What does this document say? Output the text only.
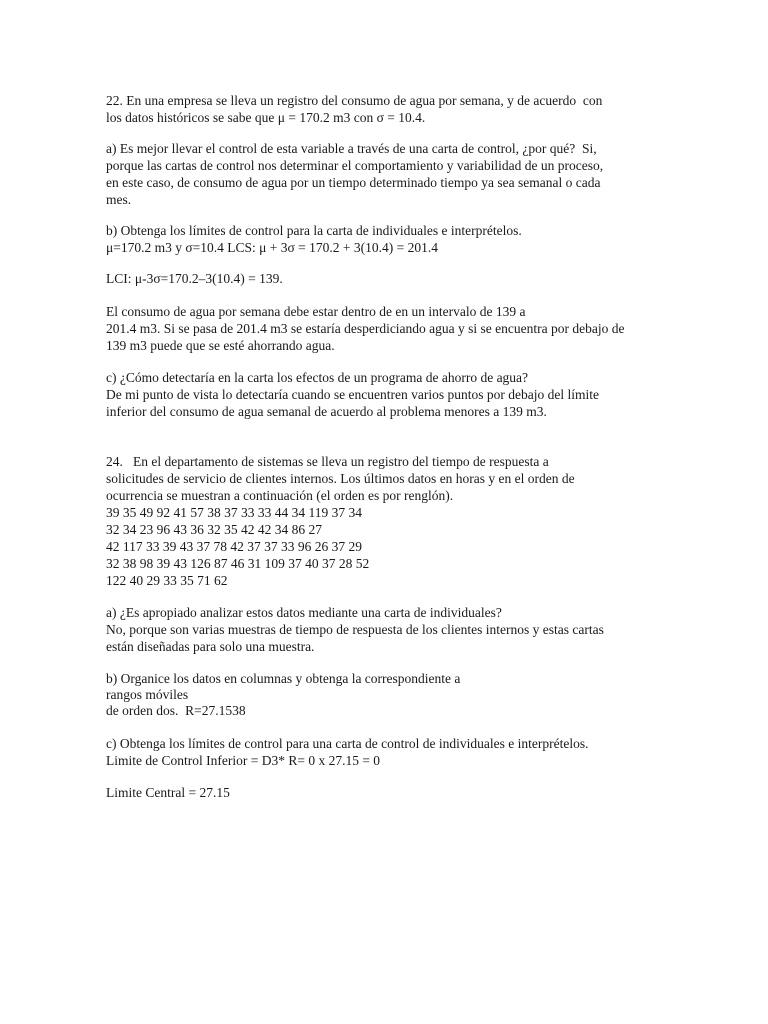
22. En una empresa se lleva un registro del consumo de agua por semana, y de acuerdo  con
los datos históricos se sabe que μ = 170.2 m3 con σ = 10.4.
a) Es mejor llevar el control de esta variable a través de una carta de control, ¿por qué?  Si,
porque las cartas de control nos determinar el comportamiento y variabilidad de un proceso,
en este caso, de consumo de agua por un tiempo determinado tiempo ya sea semanal o cada
mes.
b) Obtenga los límites de control para la carta de individuales e interprételos.
μ=170.2 m3 y σ=10.4 LCS: μ + 3σ = 170.2 + 3(10.4) = 201.4
LCI: μ-3σ=170.2–3(10.4) = 139.
El consumo de agua por semana debe estar dentro de en un intervalo de 139 a
201.4 m3. Si se pasa de 201.4 m3 se estaría desperdiciando agua y si se encuentra por debajo de
139 m3 puede que se esté ahorrando agua.
c) ¿Cómo detectaría en la carta los efectos de un programa de ahorro de agua?
De mi punto de vista lo detectaría cuando se encuentren varios puntos por debajo del límite
inferior del consumo de agua semanal de acuerdo al problema menores a 139 m3.
24.   En el departamento de sistemas se lleva un registro del tiempo de respuesta a
solicitudes de servicio de clientes internos. Los últimos datos en horas y en el orden de
ocurrencia se muestran a continuación (el orden es por renglón).
39 35 49 92 41 57 38 37 33 33 44 34 119 37 34
32 34 23 96 43 36 32 35 42 42 34 86 27
42 117 33 39 43 37 78 42 37 37 33 96 26 37 29
32 38 98 39 43 126 87 46 31 109 37 40 37 28 52
122 40 29 33 35 71 62
a) ¿Es apropiado analizar estos datos mediante una carta de individuales?
No, porque son varias muestras de tiempo de respuesta de los clientes internos y estas cartas
están diseñadas para solo una muestra.
b) Organice los datos en columnas y obtenga la correspondiente a
rangos móviles
de orden dos.  R=27.1538
c) Obtenga los límites de control para una carta de control de individuales e interprételos.
Limite de Control Inferior = D3* R= 0 x 27.15 = 0
Limite Central = 27.15
